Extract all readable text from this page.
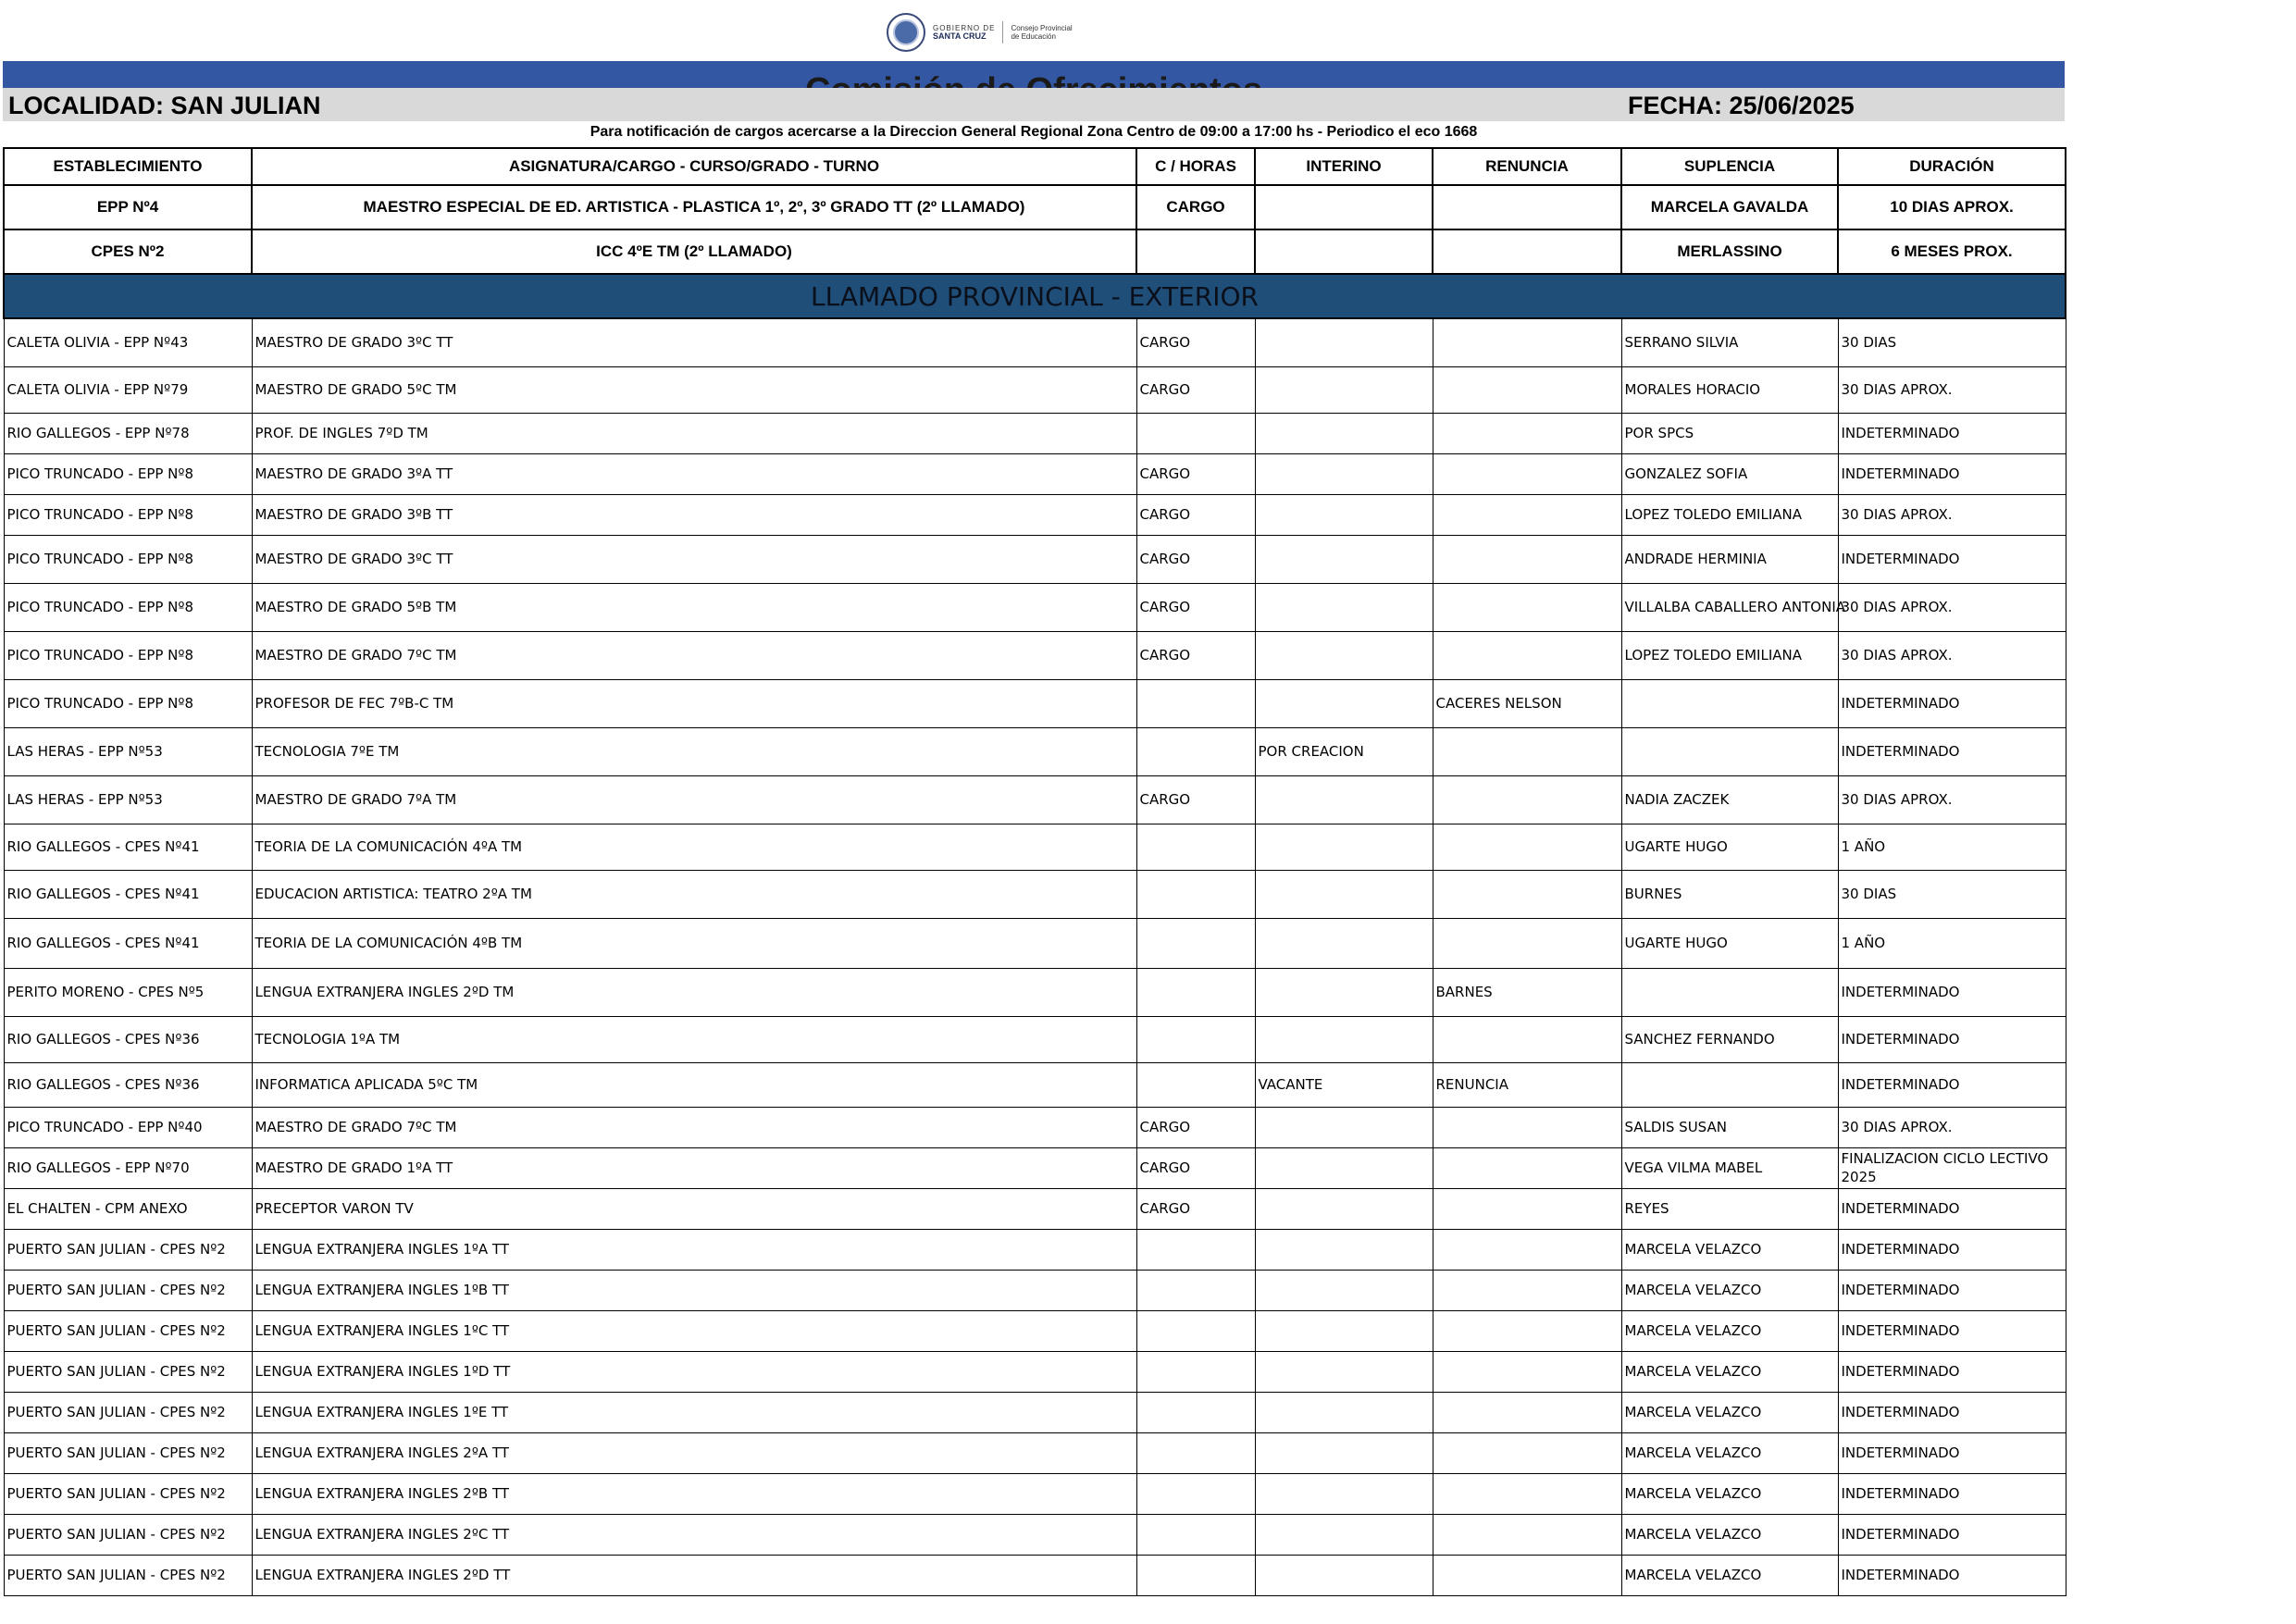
GOBIERNO DE
SANTA CRUZ
Consejo Provincial
de Educación
LOCALIDAD: SAN JULIAN	FECHA: 25/06/2025
Para notificación de cargos acercarse a la Direccion General Regional Zona Centro de 09:00 a 17:00 hs - Periodico el eco 1668
ESTABLECIMIENTO	ASIGNATURA/CARGO - CURSO/GRADO - TURNO	C / HORAS	INTERINO	RENUNCIA	SUPLENCIA	DURACIÓN
EPP Nº4	MAESTRO ESPECIAL DE ED. ARTISTICA - PLASTICA 1º, 2º, 3º GRADO TT (2º LLAMADO)	CARGO			MARCELA GAVALDA	10 DIAS APROX.
CPES Nº2	ICC 4ºE TM (2º LLAMADO)				MERLASSINO	6 MESES PROX.
LLAMADO PROVINCIAL - EXTERIOR						
CALETA OLIVIA - EPP Nº43	MAESTRO DE GRADO 3ºC TT	CARGO			SERRANO SILVIA	30 DIAS
CALETA OLIVIA - EPP Nº79	MAESTRO DE GRADO 5ºC TM	CARGO			MORALES HORACIO	30 DIAS APROX.
RIO GALLEGOS - EPP Nº78	PROF. DE INGLES 7ºD TM				POR SPCS	INDETERMINADO
PICO TRUNCADO - EPP Nº8	MAESTRO DE GRADO 3ºA TT	CARGO			GONZALEZ SOFIA	INDETERMINADO
PICO TRUNCADO - EPP Nº8	MAESTRO DE GRADO 3ºB TT	CARGO			LOPEZ TOLEDO EMILIANA	30 DIAS APROX.
PICO TRUNCADO - EPP Nº8	MAESTRO DE GRADO 3ºC TT	CARGO			ANDRADE HERMINIA	INDETERMINADO
PICO TRUNCADO - EPP Nº8	MAESTRO DE GRADO 5ºB TM	CARGO			VILLALBA CABALLERO ANTONIA	30 DIAS APROX.
PICO TRUNCADO - EPP Nº8	MAESTRO DE GRADO 7ºC TM	CARGO			LOPEZ TOLEDO EMILIANA	30 DIAS APROX.
PICO TRUNCADO - EPP Nº8	PROFESOR DE FEC 7ºB-C TM			CACERES NELSON		INDETERMINADO
LAS HERAS - EPP Nº53	TECNOLOGIA 7ºE TM		POR CREACION			INDETERMINADO
LAS HERAS - EPP Nº53	MAESTRO DE GRADO 7ºA TM	CARGO			NADIA ZACZEK	30 DIAS APROX.
RIO GALLEGOS - CPES Nº41	TEORIA DE LA COMUNICACIÓN 4ºA TM				UGARTE HUGO	1 AÑO
RIO GALLEGOS - CPES Nº41	EDUCACION ARTISTICA: TEATRO 2ºA TM				BURNES	30 DIAS
RIO GALLEGOS - CPES Nº41	TEORIA DE LA COMUNICACIÓN 4ºB TM				UGARTE HUGO	1 AÑO
PERITO MORENO - CPES Nº5	LENGUA EXTRANJERA INGLES 2ºD TM			BARNES		INDETERMINADO
RIO GALLEGOS - CPES Nº36	TECNOLOGIA 1ºA TM				SANCHEZ FERNANDO	INDETERMINADO
RIO GALLEGOS - CPES Nº36	INFORMATICA APLICADA 5ºC TM		VACANTE	RENUNCIA		INDETERMINADO
PICO TRUNCADO - EPP Nº40	MAESTRO DE GRADO 7ºC TM	CARGO			SALDIS SUSAN	30 DIAS APROX.
RIO GALLEGOS - EPP Nº70	MAESTRO DE GRADO 1ºA TT	CARGO			VEGA VILMA MABEL	FINALIZACION CICLO LECTIVO 2025
EL CHALTEN - CPM ANEXO	PRECEPTOR VARON TV	CARGO			REYES	INDETERMINADO
PUERTO SAN JULIAN - CPES Nº2	LENGUA EXTRANJERA INGLES 1ºA TT				MARCELA VELAZCO	INDETERMINADO
PUERTO SAN JULIAN - CPES Nº2	LENGUA EXTRANJERA INGLES 1ºB TT				MARCELA VELAZCO	INDETERMINADO
PUERTO SAN JULIAN - CPES Nº2	LENGUA EXTRANJERA INGLES 1ºC TT				MARCELA VELAZCO	INDETERMINADO
PUERTO SAN JULIAN - CPES Nº2	LENGUA EXTRANJERA INGLES 1ºD TT				MARCELA VELAZCO	INDETERMINADO
PUERTO SAN JULIAN - CPES Nº2	LENGUA EXTRANJERA INGLES 1ºE TT				MARCELA VELAZCO	INDETERMINADO
PUERTO SAN JULIAN - CPES Nº2	LENGUA EXTRANJERA INGLES 2ºA TT				MARCELA VELAZCO	INDETERMINADO
PUERTO SAN JULIAN - CPES Nº2	LENGUA EXTRANJERA INGLES 2ºB TT				MARCELA VELAZCO	INDETERMINADO
PUERTO SAN JULIAN - CPES Nº2	LENGUA EXTRANJERA INGLES 2ºC TT				MARCELA VELAZCO	INDETERMINADO
PUERTO SAN JULIAN - CPES Nº2	LENGUA EXTRANJERA INGLES 2ºD TT				MARCELA VELAZCO	INDETERMINADO
